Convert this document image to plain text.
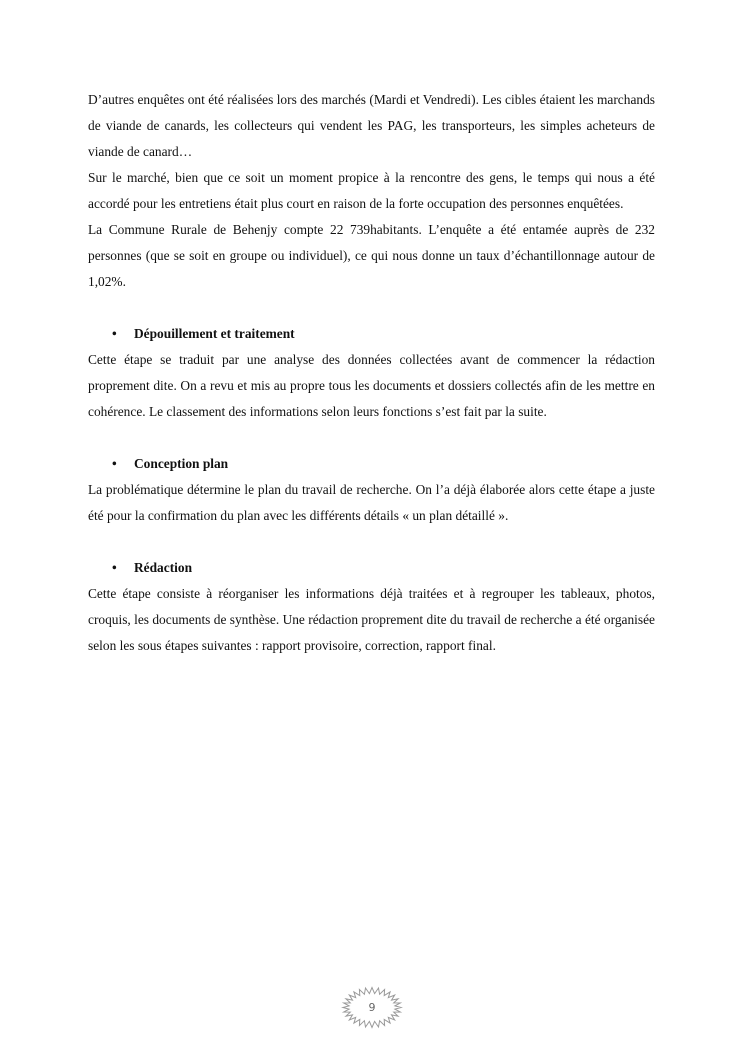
D’autres enquêtes ont été réalisées lors des marchés (Mardi et Vendredi). Les cibles étaient les marchands de viande de canards, les collecteurs qui vendent les PAG, les transporteurs, les simples acheteurs de viande de canard…

Sur le marché, bien que ce soit un moment propice à la rencontre des gens, le temps qui nous a été accordé pour les entretiens était plus court en raison de la forte occupation des personnes enquêtées.

La Commune Rurale de Behenjy compte 22 739habitants. L’enquête a été entamée auprès de 232 personnes (que se soit en groupe ou individuel), ce qui nous donne un taux d’échantillonnage autour de 1,02%.

• Dépouillement et traitement

Cette étape se traduit par une analyse des données collectées avant de commencer la rédaction proprement dite. On a revu et mis au propre tous les documents et dossiers collectés afin de les mettre en cohérence. Le classement des informations selon leurs fonctions s’est fait par la suite.

• Conception plan

La problématique détermine le plan du travail de recherche. On l’a déjà élaborée alors cette étape a juste été pour la confirmation du plan avec les différents détails « un plan détaillé ».

• Rédaction

Cette étape consiste à réorganiser les informations déjà traitées et à regrouper les tableaux, photos, croquis, les documents de synthèse. Une rédaction proprement dite du travail de recherche a été organisée selon les sous étapes suivantes : rapport provisoire, correction, rapport final.

9
